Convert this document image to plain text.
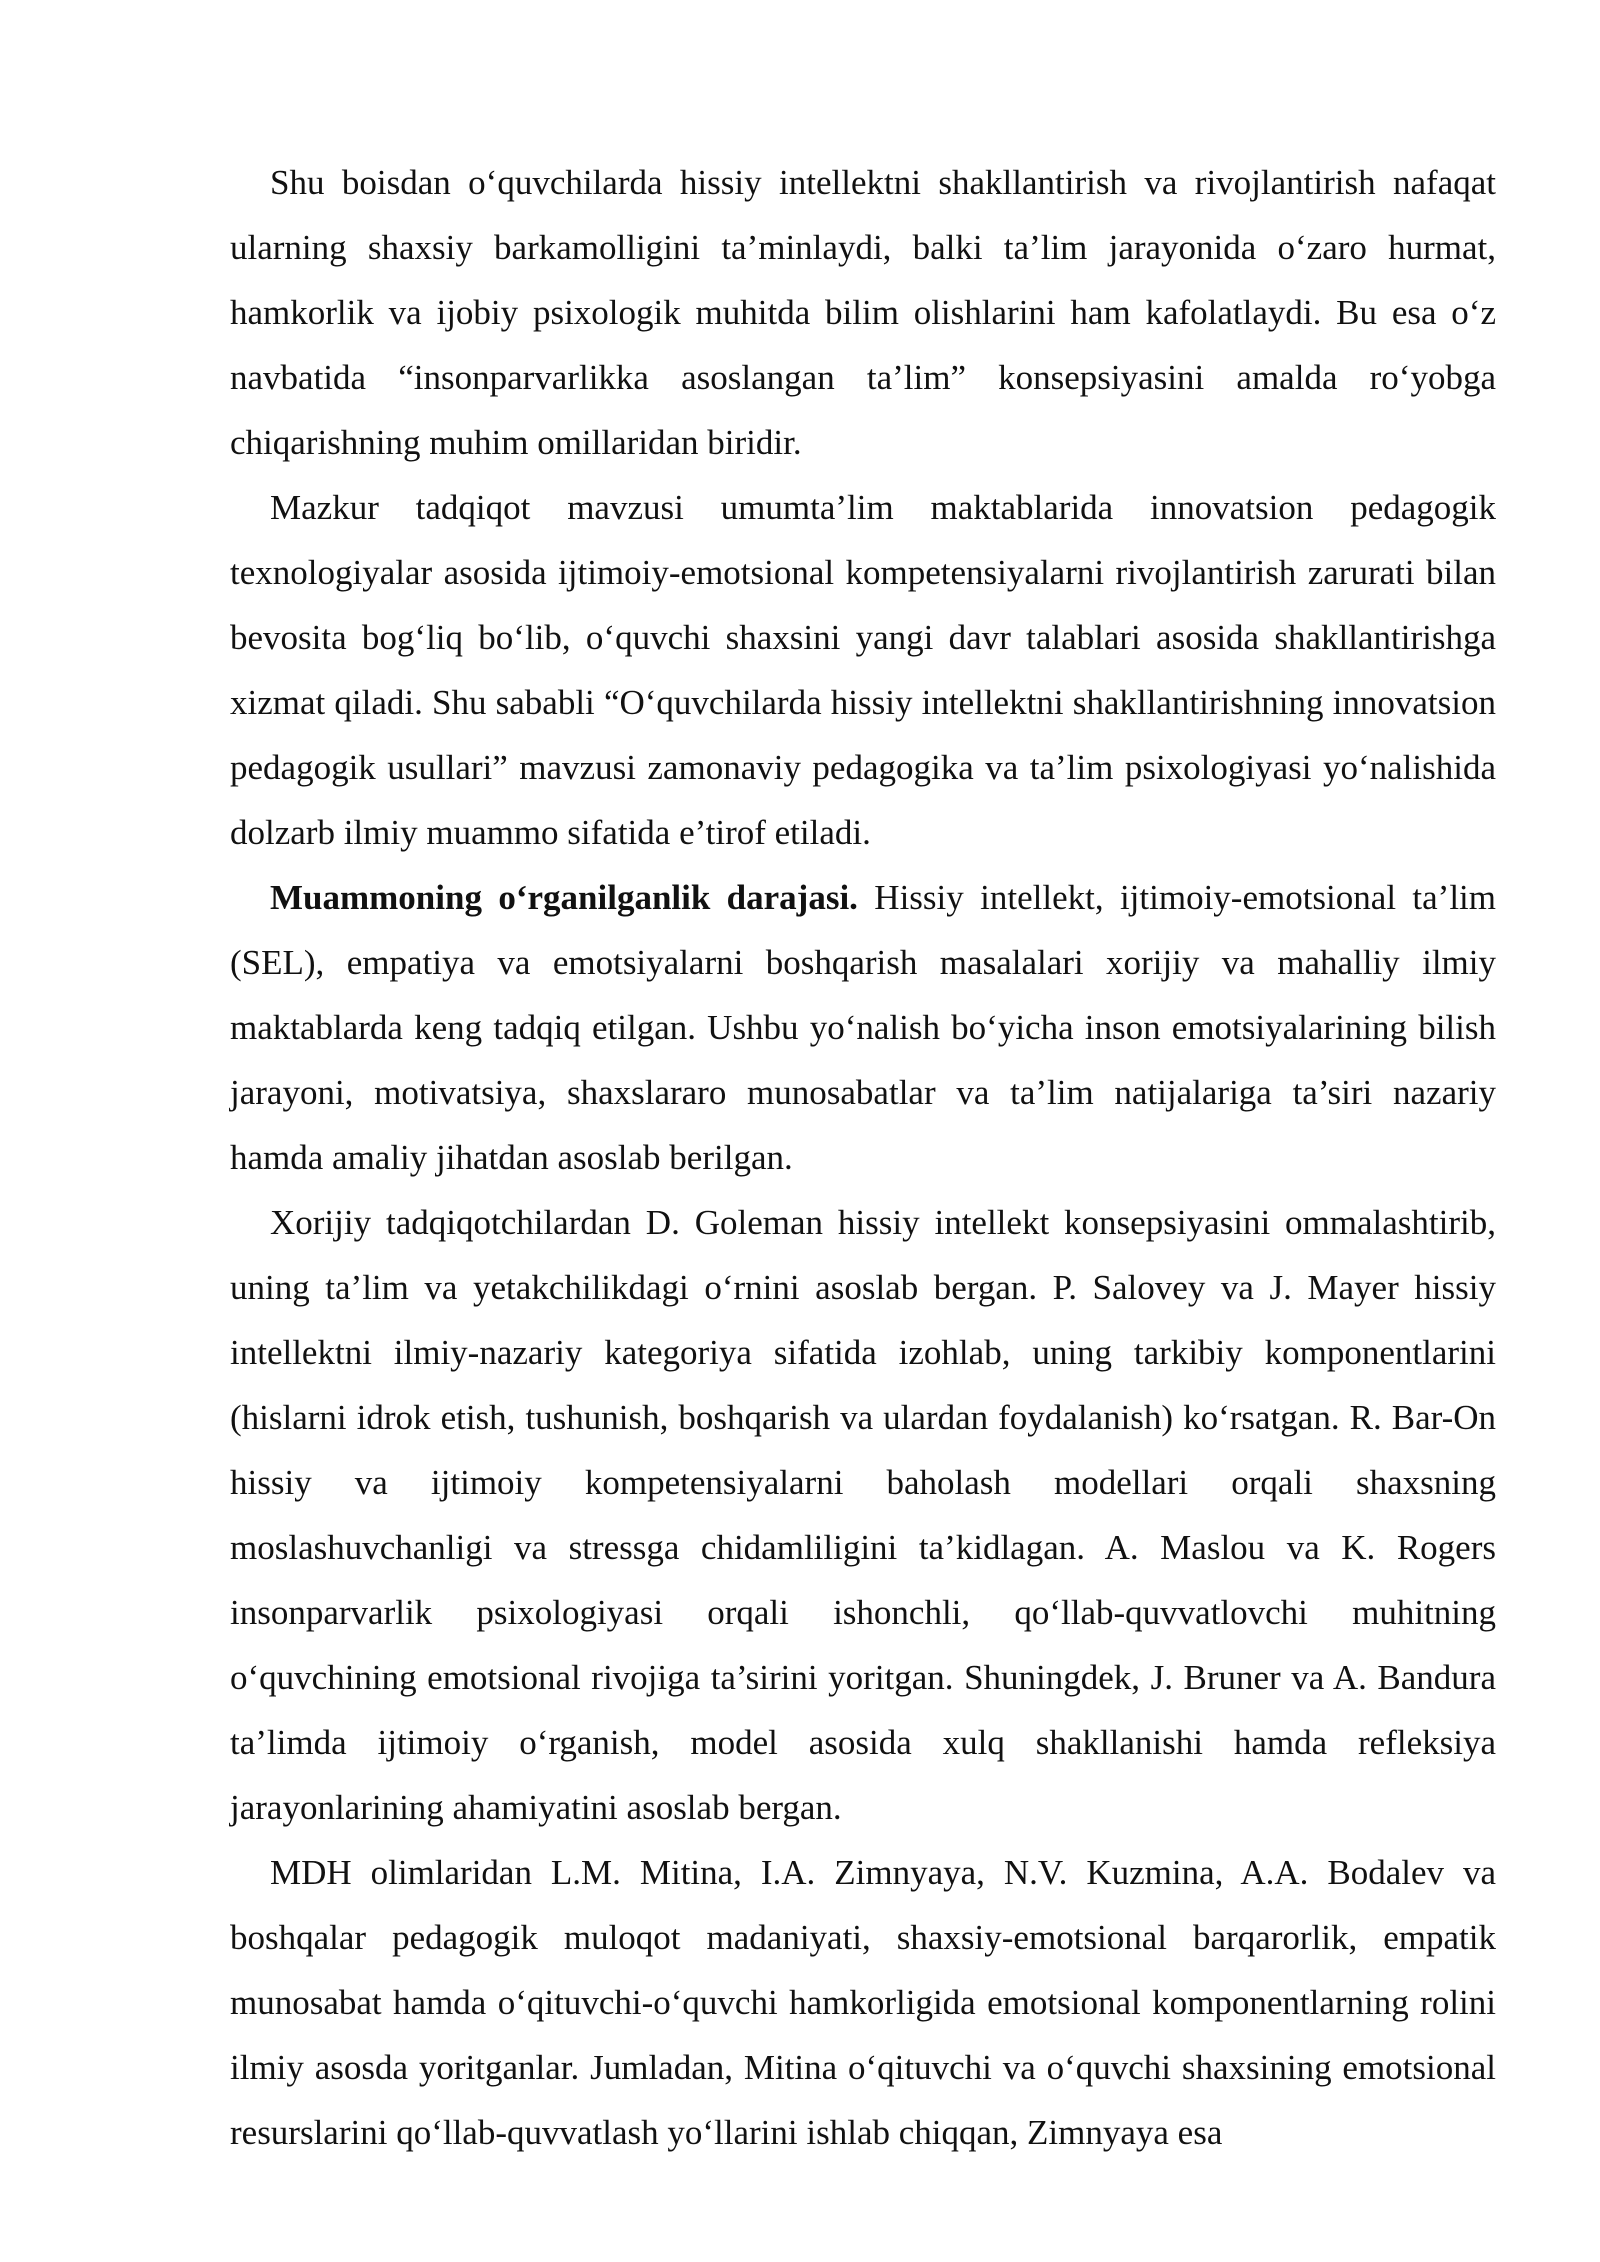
Shu boisdan o‘quvchilarda hissiy intellektni shakllantirish va rivojlantirish nafaqat ularning shaxsiy barkamolligini ta’minlaydi, balki ta’lim jarayonida o‘zaro hurmat, hamkorlik va ijobiy psixologik muhitda bilim olishlarini ham kafolatlaydi. Bu esa o‘z navbatida “insonparvarlikka asoslangan ta’lim” konsepsiyasini amalda ro‘yobga chiqarishning muhim omillaridan biridir.

Mazkur tadqiqot mavzusi umumta’lim maktablarida innovatsion pedagogik texnologiyalar asosida ijtimoiy-emotsional kompetensiyalarni rivojlantirish zarurati bilan bevosita bog‘liq bo‘lib, o‘quvchi shaxsini yangi davr talablari asosida shakllantirishga xizmat qiladi. Shu sababli “O‘quvchilarda hissiy intellektni shakllantirishning innovatsion pedagogik usullari” mavzusi zamonaviy pedagogika va ta’lim psixologiyasi yo‘nalishida dolzarb ilmiy muammo sifatida e’tirof etiladi.

Muammoning o‘rganilganlik darajasi. Hissiy intellekt, ijtimoiy-emotsional ta’lim (SEL), empatiya va emotsiyalarni boshqarish masalalari xorijiy va mahalliy ilmiy maktablarda keng tadqiq etilgan. Ushbu yo‘nalish bo‘yicha inson emotsiyalarining bilish jarayoni, motivatsiya, shaxslararo munosabatlar va ta’lim natijalariga ta’siri nazariy hamda amaliy jihatdan asoslab berilgan.

Xorijiy tadqiqotchilardan D. Goleman hissiy intellekt konsepsiyasini ommalashtirib, uning ta’lim va yetakchilikdagi o‘rnini asoslab bergan. P. Salovey va J. Mayer hissiy intellektni ilmiy-nazariy kategoriya sifatida izohlab, uning tarkibiy komponentlarini (hislarni idrok etish, tushunish, boshqarish va ulardan foydalanish) ko‘rsatgan. R. Bar-On hissiy va ijtimoiy kompetensiyalarni baholash modellari orqali shaxsning moslashuvchanligi va stressga chidamliligini ta’kidlagan. A. Maslou va K. Rogers insonparvarlik psixologiyasi orqali ishonchli, qo‘llab-quvvatlovchi muhitning o‘quvchining emotsional rivojiga ta’sirini yoritgan. Shuningdek, J. Bruner va A. Bandura ta’limda ijtimoiy o‘rganish, model asosida xulq shakllanishi hamda refleksiya jarayonlarining ahamiyatini asoslab bergan.

MDH olimlaridan L.M. Mitina, I.A. Zimnyaya, N.V. Kuzmina, A.A. Bodalev va boshqalar pedagogik muloqot madaniyati, shaxsiy-emotsional barqarorlik, empatik munosabat hamda o‘qituvchi-o‘quvchi hamkorligida emotsional komponentlarning rolini ilmiy asosda yoritganlar. Jumladan, Mitina o‘qituvchi va o‘quvchi shaxsining emotsional resurslarini qo‘llab-quvvatlash yo‘llarini ishlab chiqqan, Zimnyaya esa
